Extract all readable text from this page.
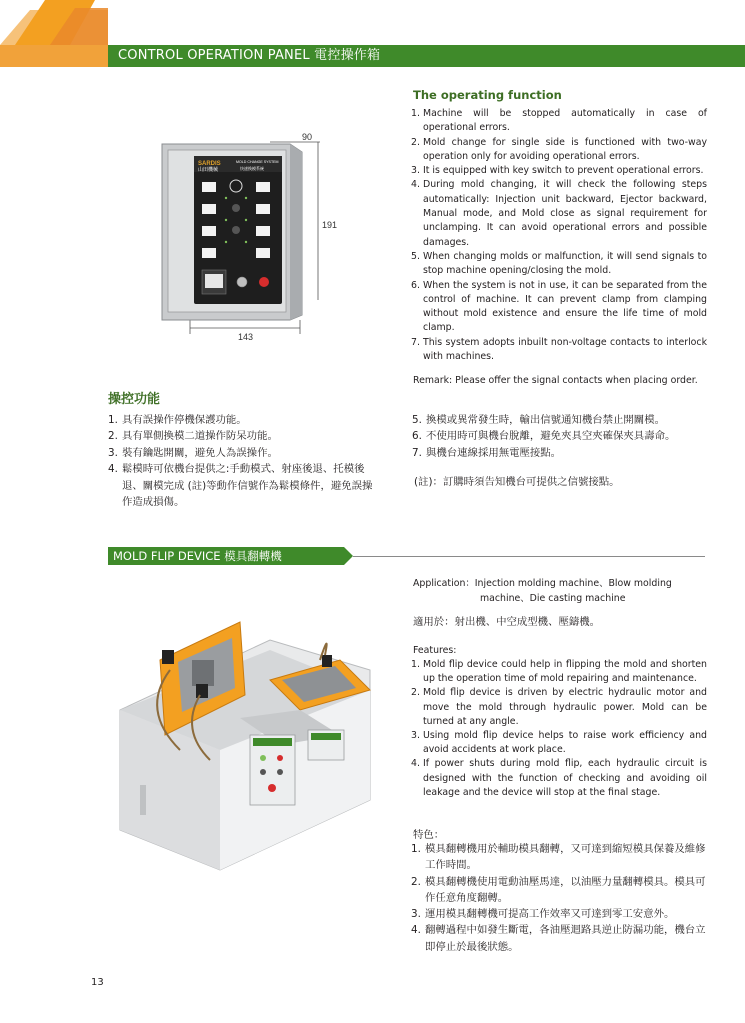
CONTROL OPERATION PANEL 電控操作箱
90
191
143
SARDIS
山田機械
MOLD CHANGE SYSTEM
快速換模系統
The operating function
1. Machine will be stopped automatically in case of operational errors.
2. Mold change for single side is functioned with two-way operation only for avoiding operational errors.
3. It is equipped with key switch to prevent operational errors.
4. During mold changing, it will check the following steps automatically: Injection unit backward, Ejector backward, Manual mode, and Mold close as signal requirement for unclamping. It can avoid operational errors and possible damages.
5. When changing molds or malfunction, it will send signals to stop machine opening/closing the mold.
6. When the system is not in use, it can be separated from the control of machine. It can prevent clamp from clamping without mold existence and ensure the life time of mold clamp.
7. This system adopts inbuilt non-voltage contacts to interlock with machines.
Remark: Please offer the signal contacts when placing order.
操控功能
1. 具有誤操作停機保護功能。
2. 具有單側換模二道操作防呆功能。
3. 裝有鑰匙開關，避免人為誤操作。
4. 鬆模時可依機台提供之:手動模式、射座後退、托模後退、關模完成 (註)等動作信號作為鬆模條件，避免誤操作造成損傷。
5. 換模或異常發生時，輸出信號通知機台禁止開關模。
6. 不使用時可與機台脫離，避免夾具空夾確保夾具壽命。
7. 與機台連線採用無電壓接點。
(註)：訂購時須告知機台可提供之信號接點。
MOLD FLIP DEVICE 模具翻轉機
Application：Injection molding machine、Blow molding
machine、Die casting machine
適用於：射出機、中空成型機、壓鑄機。
Features:
1. Mold flip device could help in flipping the mold and shorten up the operation time of mold repairing and maintenance.
2. Mold flip device is driven by electric hydraulic motor and move the mold through hydraulic power. Mold can be turned at any angle.
3. Using mold flip device helps to raise work efficiency and avoid accidents at work place.
4. If power shuts during mold flip, each hydraulic circuit is designed with the function of checking and avoiding oil leakage and the device will stop at the final stage.
特色：
1. 模具翻轉機用於輔助模具翻轉，又可達到縮短模具保養及維修工作時間。
2. 模具翻轉機使用電動油壓馬達，以油壓力量翻轉模具。模具可作任意角度翻轉。
3. 運用模具翻轉機可提高工作效率又可達到零工安意外。
4. 翻轉過程中如發生斷電，各油壓迴路具逆止防漏功能，機台立即停止於最後狀態。
13
